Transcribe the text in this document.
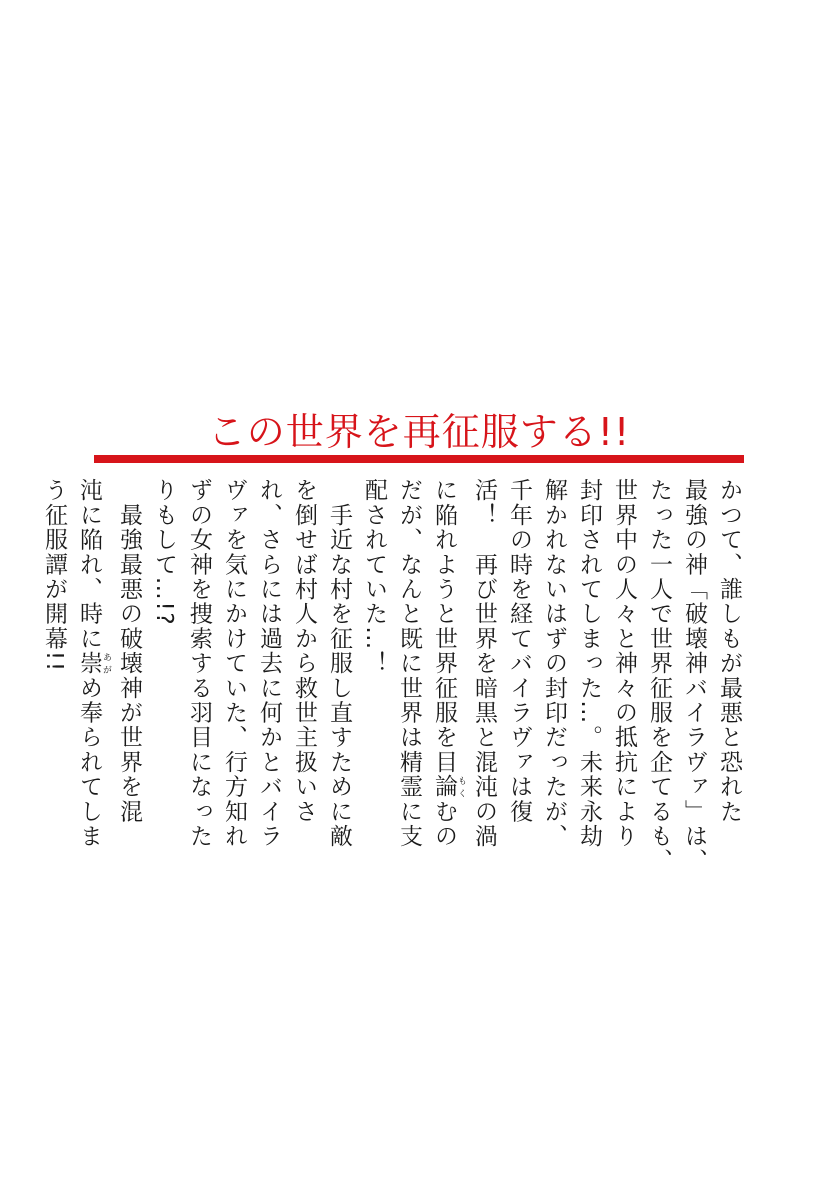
この世界を再征服する!!
かつて、誰しもが最悪と恐れた
最強の神「破壊神バイラヴァ」は、
たった一人で世界征服を企てるも、
世界中の人々と神々の抵抗により
封印されてしまった…。未来永劫
解かれないはずの封印だったが、
千年の時を経てバイラヴァは復
活！　再び世界を暗黒と混沌の渦
に陥れようと世界征服を目論 もくむの
だが、なんと既に世界は精霊に支
配されていた…！
　手近な村を征服し直すために敵
を倒せば村人から救世主扱いさ
れ、さらには過去に何かとバイラ
ヴァを気にかけていた、行方知れ
ずの女神を捜索する羽目になった
りもして…!?
　最強最悪の破壊神が世界を混
沌に陥れ、時に崇 あがめ奉られてしま
う征服譚が開幕!!
